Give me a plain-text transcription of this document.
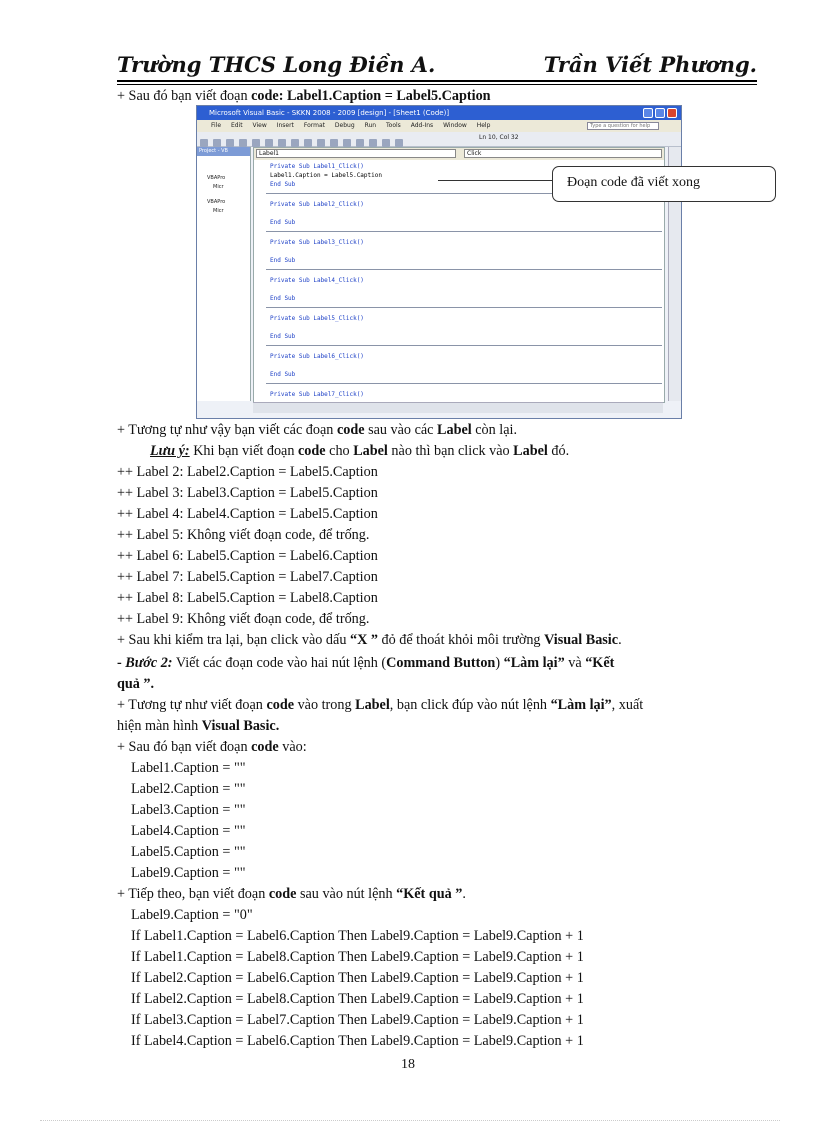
Trường THCS Long Điền A.	Trần Viết Phương.
+ Sau đó bạn viết đoạn code: Label1.Caption = Label5.Caption
Microsoft Visual Basic - SKKN 2008 - 2009 [design] - [Sheet1 (Code)]
File Edit View Insert Format Debug Run Tools Add-Ins Window Help	Type a question for help
Ln 10, Col 32
Project - VB
VBAPro
Micr
VBAPro
Micr
Label1	Click
Private Sub Label1_Click()
Label1.Caption = Label5.Caption
End Sub
Private Sub Label2_Click()
End Sub
Private Sub Label3_Click()
End Sub
Private Sub Label4_Click()
End Sub
Private Sub Label5_Click()
End Sub
Private Sub Label6_Click()
End Sub
Private Sub Label7_Click()
Đoạn code đã viết xong
+ Tương tự như vậy bạn viết các đoạn code sau vào các Label còn lại.
Lưu ý: Khi bạn viết đoạn code cho Label nào thì bạn click vào Label đó.
++ Label 2: Label2.Caption = Label5.Caption
++ Label 3: Label3.Caption = Label5.Caption
++ Label 4: Label4.Caption = Label5.Caption
++ Label 5: Không viết đoạn code, để trống.
++ Label 6: Label5.Caption = Label6.Caption
++ Label 7: Label5.Caption = Label7.Caption
++ Label 8: Label5.Caption = Label8.Caption
++ Label 9: Không viết đoạn code, để trống.
+ Sau khi kiểm tra lại, bạn click vào dấu “X ” đỏ để thoát khỏi môi trường Visual Basic.
- Bước 2: Viết các đoạn code vào hai nút lệnh (Command Button) “Làm lại” và “Kết
quả ”.
+ Tương tự như viết đoạn code vào trong Label, bạn click đúp vào nút lệnh “Làm lại”, xuất
hiện màn hình Visual Basic.
+ Sau đó bạn viết đoạn code vào:
Label1.Caption = ""
Label2.Caption = ""
Label3.Caption = ""
Label4.Caption = ""
Label5.Caption = ""
Label9.Caption = ""
+ Tiếp theo, bạn viết đoạn code sau vào nút lệnh “Kết quả ”.
Label9.Caption = "0"
If Label1.Caption = Label6.Caption Then Label9.Caption = Label9.Caption + 1
If Label1.Caption = Label8.Caption Then Label9.Caption = Label9.Caption + 1
If Label2.Caption = Label6.Caption Then Label9.Caption = Label9.Caption + 1
If Label2.Caption = Label8.Caption Then Label9.Caption = Label9.Caption + 1
If Label3.Caption = Label7.Caption Then Label9.Caption = Label9.Caption + 1
If Label4.Caption = Label6.Caption Then Label9.Caption = Label9.Caption + 1
18
